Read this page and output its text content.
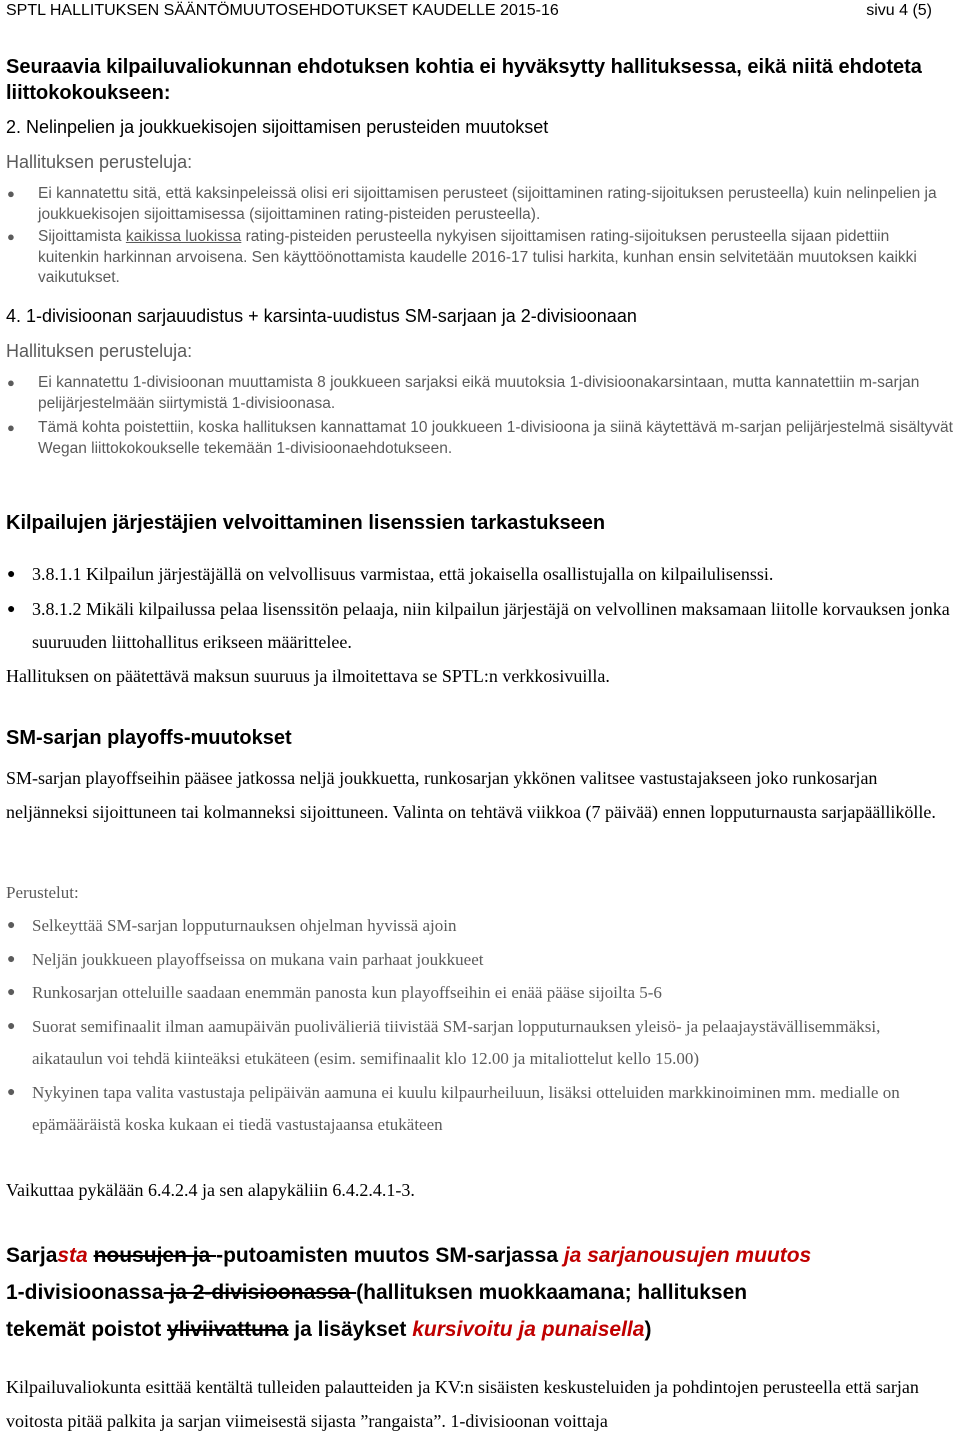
SPTL HALLITUKSEN SÄÄNTÖMUUTOSEHDOTUKSET KAUDELLE 2015-16	sivu 4 (5)
Seuraavia kilpailuvaliokunnan ehdotuksen kohtia ei hyväksytty hallituksessa, eikä niitä ehdoteta liittokokoukseen:
2. Nelinpelien ja joukkuekisojen sijoittamisen perusteiden muutokset
Hallituksen perusteluja:
● Ei kannatettu sitä, että kaksinpeleissä olisi eri sijoittamisen perusteet (sijoittaminen rating-sijoituksen perusteella) kuin nelinpelien ja joukkuekisojen sijoittamisessa (sijoittaminen rating-pisteiden perusteella).
● Sijoittamista kaikissa luokissa rating-pisteiden perusteella nykyisen sijoittamisen rating-sijoituksen perusteella sijaan pidettiin kuitenkin harkinnan arvoisena. Sen käyttöönottamista kaudelle 2016-17 tulisi harkita, kunhan ensin selvitetään muutoksen kaikki vaikutukset.
4. 1-divisioonan sarjauudistus + karsinta-uudistus SM-sarjaan ja 2-divisioonaan
Hallituksen perusteluja:
● Ei kannatettu 1-divisioonan muuttamista 8 joukkueen sarjaksi eikä muutoksia 1-divisioonakarsintaan, mutta kannatettiin m-sarjan pelijärjestelmään siirtymistä 1-divisioonasa.
● Tämä kohta poistettiin, koska hallituksen kannattamat 10 joukkueen 1-divisioona ja siinä käytettävä m-sarjan pelijärjestelmä sisältyvät Wegan liittokokoukselle tekemään 1-divisioonaehdotukseen.
Kilpailujen järjestäjien velvoittaminen lisenssien tarkastukseen
● 3.8.1.1 Kilpailun järjestäjällä on velvollisuus varmistaa, että jokaisella osallistujalla on kilpailulisenssi.
● 3.8.1.2 Mikäli kilpailussa pelaa lisenssitön pelaaja, niin kilpailun järjestäjä on velvollinen maksamaan liitolle korvauksen jonka suuruuden liittohallitus erikseen määrittelee.
Hallituksen on päätettävä maksun suuruus ja ilmoitettava se SPTL:n verkkosivuilla.
SM-sarjan playoffs-muutokset
SM-sarjan playoffseihin pääsee jatkossa neljä joukkuetta, runkosarjan ykkönen valitsee vastustajakseen joko runkosarjan neljänneksi sijoittuneen tai kolmanneksi sijoittuneen. Valinta on tehtävä viikkoa (7 päivää) ennen lopputurnausta sarjapäällikölle.
Perustelut:
● Selkeyttää SM-sarjan lopputurnauksen ohjelman hyvissä ajoin
● Neljän joukkueen playoffseissa on mukana vain parhaat joukkueet
● Runkosarjan otteluille saadaan enemmän panosta kun playoffseihin ei enää pääse sijoilta 5-6
● Suorat semifinaalit ilman aamupäivän puolivälieriä tiivistää SM-sarjan lopputurnauksen yleisö- ja pelaajaystävällisemmäksi, aikataulun voi tehdä kiinteäksi etukäteen (esim. semifinaalit klo 12.00 ja mitaliottelut kello 15.00)
● Nykyinen tapa valita vastustaja pelipäivän aamuna ei kuulu kilpaurheiluun, lisäksi otteluiden markkinoiminen mm. medialle on epämääräistä koska kukaan ei tiedä vastustajaansa etukäteen
Vaikuttaa pykälään 6.4.2.4 ja sen alapykäliin 6.4.2.4.1-3.
Sarjasta nousujen ja -putoamisten muutos SM-sarjassa ja sarjanousujen muutos
1-divisioonassa ja 2-divisioonassa (hallituksen muokkaamana; hallituksen
tekemät poistot yliviivattuna ja lisäykset kursivoitu ja punaisella)
Kilpailuvaliokunta esittää kentältä tulleiden palautteiden ja KV:n sisäisten keskusteluiden ja pohdintojen perusteella että sarjan voitosta pitää palkita ja sarjan viimeisestä sijasta ”rangaista”. 1-divisioonan voittaja
